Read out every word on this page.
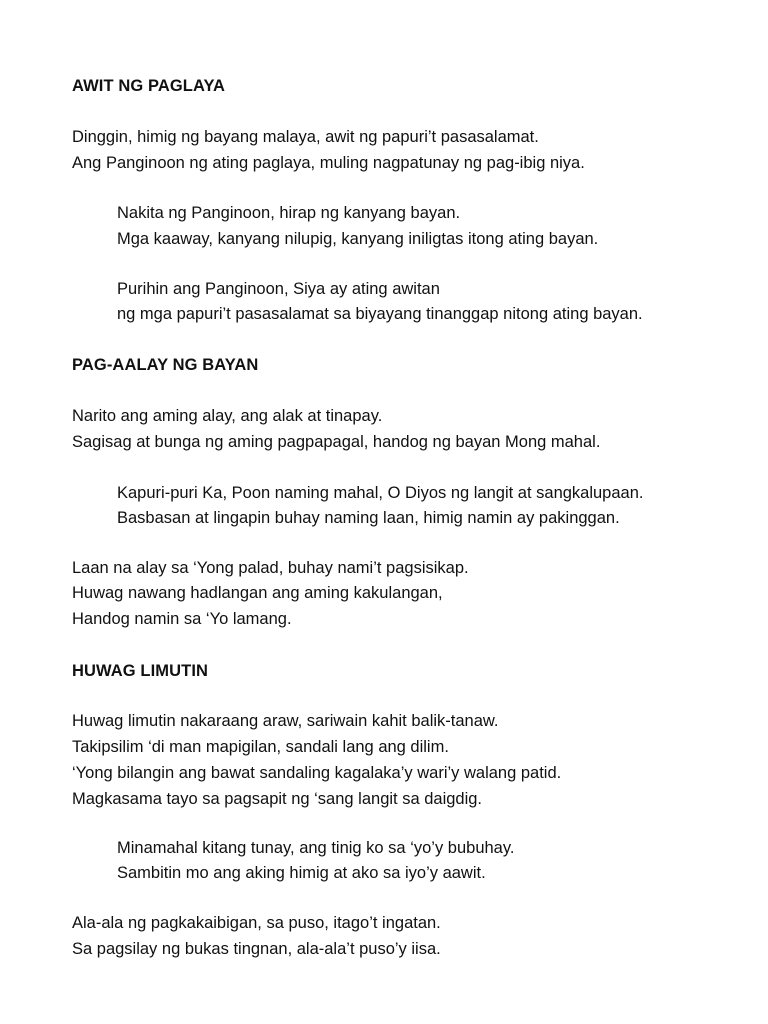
AWIT NG PAGLAYA

Dinggin, himig ng bayang malaya, awit ng papuri’t pasasalamat.

Ang Panginoon ng ating paglaya, muling nagpatunay ng pag-ibig niya.

Nakita ng Panginoon, hirap ng kanyang bayan.

Mga kaaway, kanyang nilupig, kanyang iniligtas itong ating bayan.

Purihin ang Panginoon, Siya ay ating awitan

ng mga papuri’t pasasalamat sa biyayang tinanggap nitong ating bayan.

PAG-AALAY NG BAYAN

Narito ang aming alay, ang alak at tinapay.

Sagisag at bunga ng aming pagpapagal, handog ng bayan Mong mahal.

Kapuri-puri Ka, Poon naming mahal, O Diyos ng langit at sangkalupaan.

Basbasan at lingapin buhay naming laan, himig namin ay pakinggan.

Laan na alay sa ‘Yong palad, buhay nami’t pagsisikap.

Huwag nawang hadlangan ang aming kakulangan,

Handog namin sa ‘Yo lamang.

HUWAG LIMUTIN

Huwag limutin nakaraang araw, sariwain kahit balik-tanaw.

Takipsilim ‘di man mapigilan, sandali lang ang dilim.

‘Yong bilangin ang bawat sandaling kagalaka’y wari’y walang patid.

Magkasama tayo sa pagsapit ng ‘sang langit sa daigdig.

Minamahal kitang tunay, ang tinig ko sa ‘yo’y bubuhay.

Sambitin mo ang aking himig at ako sa iyo’y aawit.

Ala-ala ng pagkakaibigan, sa puso, itago’t ingatan.

Sa pagsilay ng bukas tingnan, ala-ala’t puso’y iisa.
